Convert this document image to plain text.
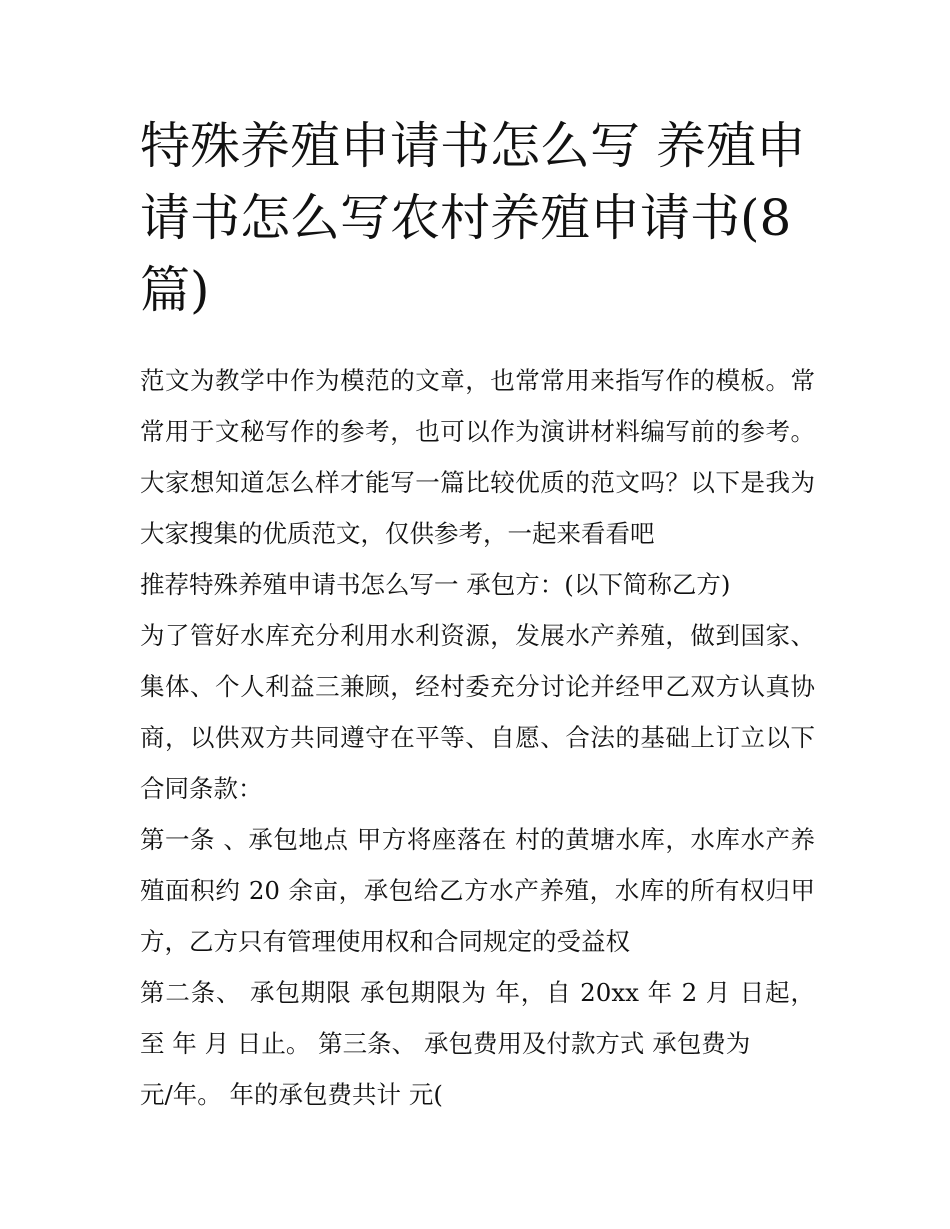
特殊养殖申请书怎么写 养殖申请书怎么写农村养殖申请书(8篇)

范文为教学中作为模范的文章，也常常用来指写作的模板。常常用于文秘写作的参考，也可以作为演讲材料编写前的参考。大家想知道怎么样才能写一篇比较优质的范文吗？以下是我为大家搜集的优质范文，仅供参考，一起来看看吧

推荐特殊养殖申请书怎么写一 承包方：(以下简称乙方)

为了管好水库充分利用水利资源，发展水产养殖，做到国家、集体、个人利益三兼顾，经村委充分讨论并经甲乙双方认真协商，以供双方共同遵守在平等、自愿、合法的基础上订立以下合同条款：

第一条 、承包地点 甲方将座落在 村的黄塘水库，水库水产养殖面积约 20 余亩，承包给乙方水产养殖，水库的所有权归甲方，乙方只有管理使用权和合同规定的受益权

第二条、 承包期限 承包期限为 年，自 20xx 年 2 月 日起，至 年 月 日止。 第三条、 承包费用及付款方式 承包费为

元/年。 年的承包费共计 元(
